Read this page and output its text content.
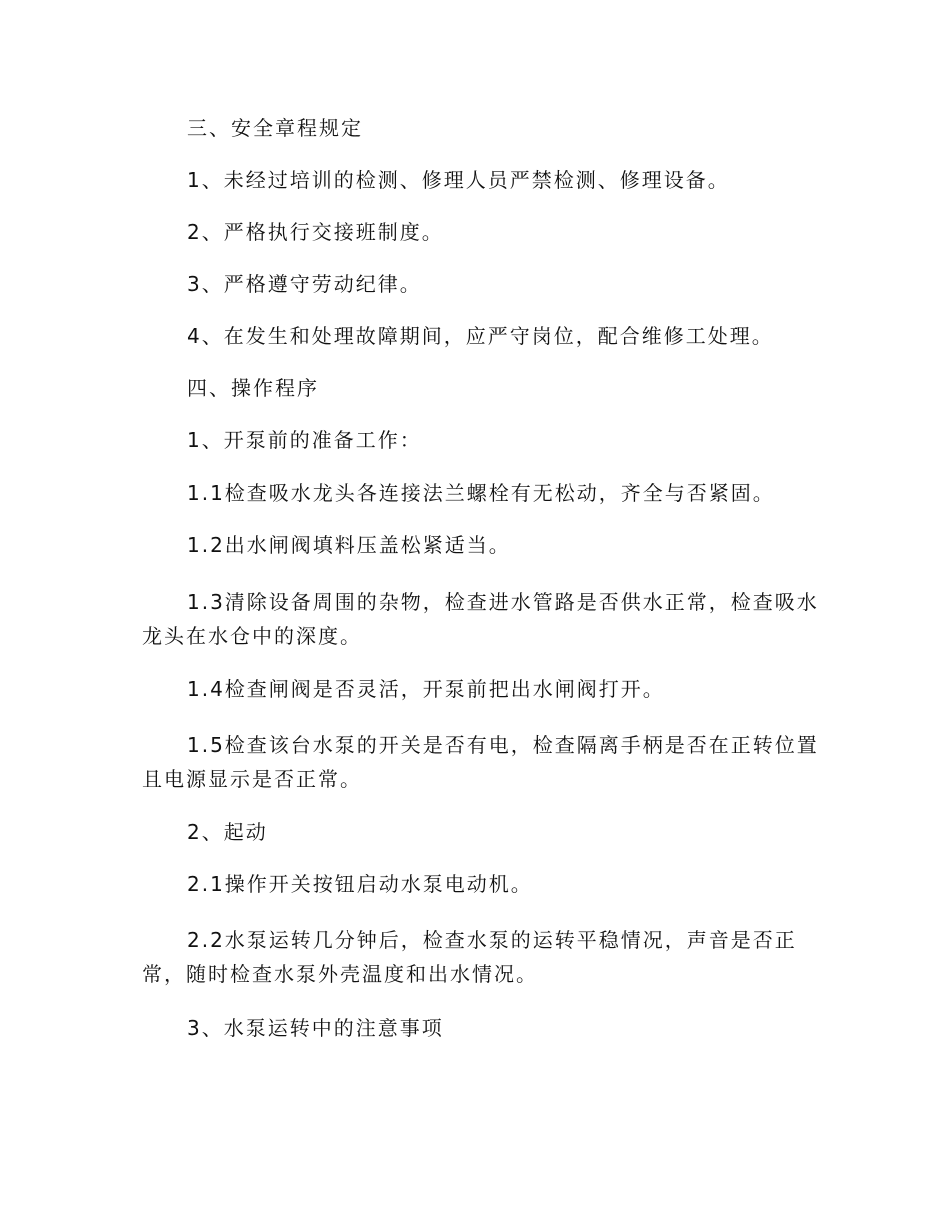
三、安全章程规定

1、未经过培训的检测、修理人员严禁检测、修理设备。

2、严格执行交接班制度。

3、严格遵守劳动纪律。

4、在发生和处理故障期间，应严守岗位，配合维修工处理。

四、操作程序

1、开泵前的准备工作：

1.1检查吸水龙头各连接法兰螺栓有无松动，齐全与否紧固。

1.2出水闸阀填料压盖松紧适当。

1.3清除设备周围的杂物，检查进水管路是否供水正常，检查吸水龙头在水仓中的深度。

1.4检查闸阀是否灵活，开泵前把出水闸阀打开。

1.5检查该台水泵的开关是否有电，检查隔离手柄是否在正转位置且电源显示是否正常。

2、起动

2.1操作开关按钮启动水泵电动机。

2.2水泵运转几分钟后，检查水泵的运转平稳情况，声音是否正常，随时检查水泵外壳温度和出水情况。

3、水泵运转中的注意事项
